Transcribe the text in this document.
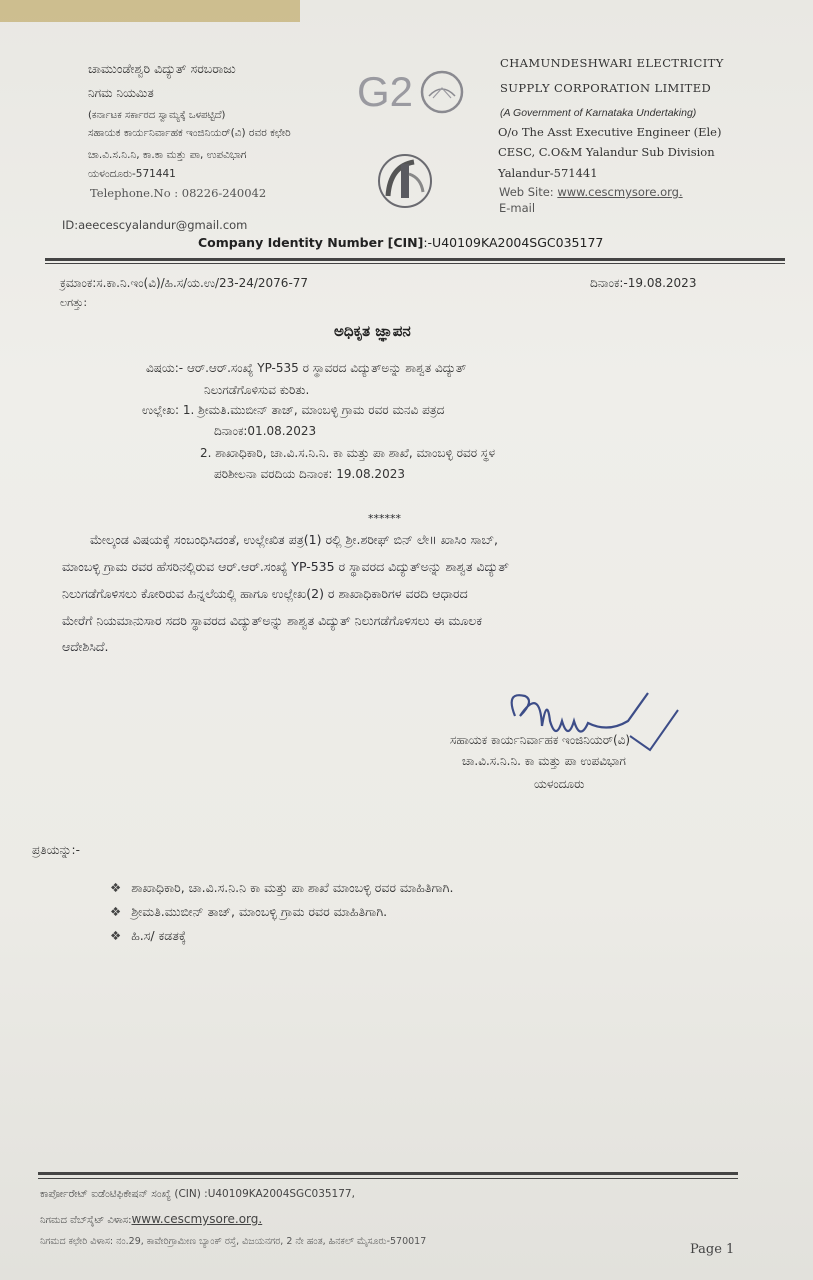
ಚಾಮುಂಡೇಶ್ವರಿ ವಿದ್ಯುತ್ ಸರಬರಾಜು
ನಿಗಮ ನಿಯಮಿತ
(ಕರ್ನಾಟಕ ಸರ್ಕಾರದ ಸ್ವಾಮ್ಯಕ್ಕೆ ಒಳಪಟ್ಟಿದೆ)
ಸಹಾಯಕ ಕಾರ್ಯನಿರ್ವಾಹಕ ಇಂಜಿನಿಯರ್(ವಿ) ರವರ ಕಛೇರಿ
ಚಾ.ವಿ.ಸ.ನಿ.ನಿ, ಕಾ.ಕಾ ಮತ್ತು ಪಾ, ಉಪವಿಭಾಗ
ಯಳಂದೂರು-571441
Telephone.No : 08226-240042
ID:aeecescyalandur@gmail.com
G2
CHAMUNDESHWARI ELECTRICITY
SUPPLY CORPORATION LIMITED
(A Government of Karnataka Undertaking)
O/o The Asst Executive Engineer (Ele)
CESC, C.O&M Yalandur Sub Division
Yalandur-571441
Web Site: www.cescmysore.org.
E-mail
Company Identity Number [CIN]:-U40109KA2004SGC035177
ಕ್ರಮಾಂಕ:ಸ.ಕಾ.ನಿ.ಇಂ(ವಿ)/ಹಿ.ಸ/ಯ.ಉ/23-24/2076-77	ದಿನಾಂಕ:-19.08.2023
ಲಗತ್ತು:
ಅಧಿಕೃತ ಜ್ಞಾಪನ
ವಿಷಯ:- ಆರ್.ಆರ್.ಸಂಖ್ಯೆ YP-535 ರ ಸ್ಥಾವರದ ವಿದ್ಯುತ್‌ಅನ್ನು ಶಾಶ್ವತ ವಿದ್ಯುತ್
ನಿಲುಗಡೆಗೊಳಿಸುವ ಕುರಿತು.
ಉಲ್ಲೇಖ: 1. ಶ್ರೀಮತಿ.ಮುಬೀನ್ ತಾಜ್, ಮಾಂಬಳ್ಳಿ ಗ್ರಾಮ ರವರ ಮನವಿ ಪತ್ರದ
ದಿನಾಂಕ:01.08.2023
2. ಶಾಖಾಧಿಕಾರಿ, ಚಾ.ವಿ.ಸ.ನಿ.ನಿ. ಕಾ ಮತ್ತು ಪಾ ಶಾಖೆ, ಮಾಂಬಳ್ಳಿ ರವರ ಸ್ಥಳ
ಪರಿಶೀಲನಾ ವರದಿಯ ದಿನಾಂಕ: 19.08.2023
******
ಮೇಲ್ಕಂಡ ವಿಷಯಕ್ಕೆ ಸಂಬಂಧಿಸಿದಂತೆ, ಉಲ್ಲೇಖಿತ ಪತ್ರ(1) ರಲ್ಲಿ ಶ್ರೀ.ಶರೀಫ್ ಬಿನ್ ಲೇ॥ ಖಾಸಿಂ ಸಾಬ್,
ಮಾಂಬಳ್ಳಿ ಗ್ರಾಮ ರವರ ಹೆಸರಿನಲ್ಲಿರುವ ಆರ್.ಆರ್.ಸಂಖ್ಯೆ YP-535 ರ ಸ್ಥಾವರದ ವಿದ್ಯುತ್‌ಅನ್ನು ಶಾಶ್ವತ ವಿದ್ಯುತ್
ನಿಲುಗಡೆಗೊಳಿಸಲು ಕೋರಿರುವ ಹಿನ್ನಲೆಯಲ್ಲಿ ಹಾಗೂ ಉಲ್ಲೇಖ(2) ರ ಶಾಖಾಧಿಕಾರಿಗಳ ವರದಿ ಆಧಾರದ
ಮೇರೆಗೆ ನಿಯಮಾನುಸಾರ ಸದರಿ ಸ್ಥಾವರದ ವಿದ್ಯುತ್‌ಅನ್ನು ಶಾಶ್ವತ ವಿದ್ಯುತ್ ನಿಲುಗಡೆಗೊಳಿಸಲು ಈ ಮೂಲಕ
ಆದೇಶಿಸಿದೆ.
ಸಹಾಯಕ ಕಾರ್ಯನಿರ್ವಾಹಕ ಇಂಜಿನಿಯರ್(ವಿ)
ಚಾ.ವಿ.ಸ.ನಿ.ನಿ. ಕಾ ಮತ್ತು ಪಾ ಉಪವಿಭಾಗ
ಯಳಂದೂರು
ಪ್ರತಿಯನ್ನು:-
❖ ಶಾಖಾಧಿಕಾರಿ, ಚಾ.ವಿ.ಸ.ನಿ.ನಿ ಕಾ ಮತ್ತು ಪಾ ಶಾಖೆ ಮಾಂಬಳ್ಳಿ ರವರ ಮಾಹಿತಿಗಾಗಿ.
❖ ಶ್ರೀಮತಿ.ಮುಬೀನ್ ತಾಜ್, ಮಾಂಬಳ್ಳಿ ಗ್ರಾಮ ರವರ ಮಾಹಿತಿಗಾಗಿ.
❖ ಹಿ.ಸ/ ಕಡತಕ್ಕೆ
ಕಾರ್ಪೋರೇಟ್ ಐಡೆಂಟಿಫಿಕೇಷನ್ ಸಂಖ್ಯೆ (CIN) :U40109KA2004SGC035177,
ನಿಗಮದ ವೆಬ್‌ಸೈಟ್ ವಿಳಾಸ:www.cescmysore.org.
ನಿಗಮದ ಕಛೇರಿ ವಿಳಾಸ: ನಂ.29, ಕಾವೇರಿಗ್ರಾಮೀಣ ಬ್ಯಾಂಕ್ ರಸ್ತೆ, ವಿಜಯನಗರ, 2 ನೇ ಹಂತ, ಹಿನಕಲ್ ಮೈಸೂರು-570017
Page 1
